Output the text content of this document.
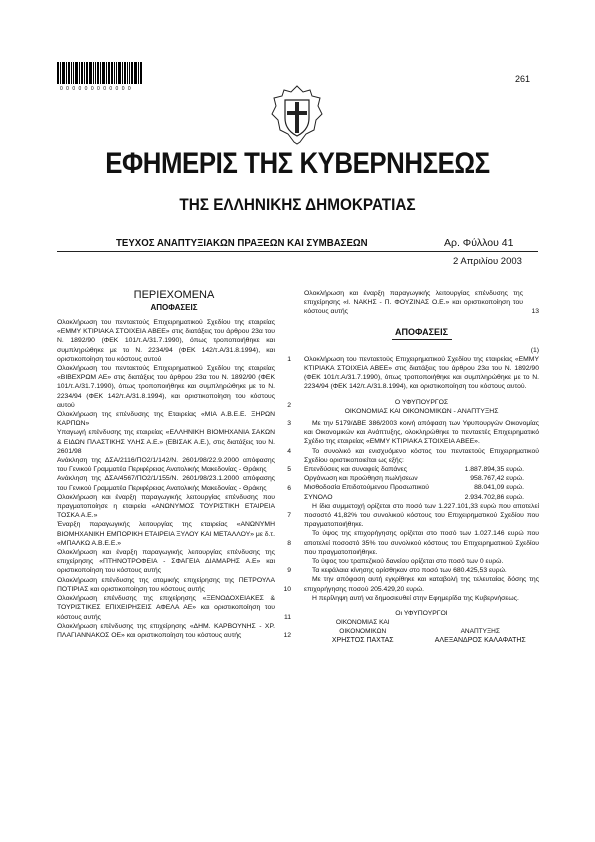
0 0 0 0 0 0 0 0 0 0 0 0
261
ΕΦΗΜΕΡΙΣ ΤΗΣ ΚΥΒΕΡΝΗΣΕΩΣ
ΤΗΣ ΕΛΛΗΝΙΚΗΣ ΔΗΜΟΚΡΑΤΙΑΣ
ΤΕΥΧΟΣ ΑΝΑΠΤΥΞΙΑΚΩΝ ΠΡΑΞΕΩΝ ΚΑΙ ΣΥΜΒΑΣΕΩΝ	Αρ. Φύλλου 41
2 Απριλίου 2003
ΠΕΡΙΕΧΟΜΕΝΑ
ΑΠΟΦΑΣΕΙΣ
Ολοκλήρωση του πενταετούς Επιχειρηματικού Σχεδίου της εταιρείας «ΕΜΜΥ ΚΤΙΡΙΑΚΑ ΣΤΟΙΧΕΙΑ ΑΒΕΕ» στις διατάξεις του άρθρου 23α του Ν. 1892/90 (ΦΕΚ 101/τ.Α/31.7.1990), όπως τροποποιήθηκε και συμπληρώθηκε με το Ν. 2234/94 (ΦΕΚ 142/τ.Α/31.8.1994), και οριστικοποίηση του κόστους αυτού	1
Ολοκλήρωση του πενταετούς Επιχειρηματικού Σχεδίου της εταιρείας «ΒΙΒΕΧΡΩΜ ΑΕ» στις διατάξεις του άρθρου 23α του Ν. 1892/90 (ΦΕΚ 101/τ.Α/31.7.1990), όπως τροποποιήθηκε και συμπληρώθηκε με το Ν. 2234/94 (ΦΕΚ 142/τ.Α/31.8.1994), και οριστικοποίηση του κόστους αυτού	2
Ολοκλήρωση της επένδυσης της Εταιρείας «ΜΙΑ Α.Β.Ε.Ε. ΞΗΡΩΝ ΚΑΡΠΩΝ»	3
Υπαγωγή επένδυσης της εταιρείας «ΕΛΛΗΝΙΚΗ ΒΙΟΜΗΧΑΝΙΑ ΣΑΚΩΝ & ΕΙΔΩΝ ΠΛΑΣΤΙΚΗΣ ΥΛΗΣ Α.Ε.» (ΕΒΙΣΑΚ Α.Ε.), στις διατάξεις του Ν. 2601/98	4
Ανάκληση της ΔΣΑ/2116/ΠΟ2/1/142/Ν. 2601/98/22.9.2000 απόφασης του Γενικού Γραμματέα Περιφέρειας Ανατολικής Μακεδονίας - Θράκης	5
Ανάκληση της ΔΣΑ/4567/ΠΟ2/1/155/Ν. 2601/98/23.1.2000 απόφασης του Γενικού Γραμματέα Περιφέρειας Ανατολικής Μακεδονίας - Θράκης	6
Ολοκλήρωση και έναρξη παραγωγικής λειτουργίας επένδυσης που πραγματοποίησε η εταιρεία «ΑΝΩΝΥΜΟΣ ΤΟΥΡΙΣΤΙΚΗ ΕΤΑΙΡΕΙΑ ΤΟΣΚΑ Α.Ε.»	7
Έναρξη παραγωγικής λειτουργίας της εταιρείας «ΑΝΩΝΥΜΗ ΒΙΟΜΗΧΑΝΙΚΗ ΕΜΠΟΡΙΚΗ ΕΤΑΙΡΕΙΑ ΞΥΛΟΥ ΚΑΙ ΜΕΤΑΛΛΟΥ» με δ.τ. «ΜΠΑΛΚΩ Α.Β.Ε.Ε.»	8
Ολοκλήρωση και έναρξη παραγωγικής λειτουργίας επένδυσης της επιχείρησης «ΠΤΗΝΟΤΡΟΦΕΙΑ - ΣΦΑΓΕΙΑ ΔΙΑΜΑΡΗΣ Α.Ε» και οριστικοποίηση του κόστους αυτής	9
Ολοκλήρωση επένδυσης της ατομικής επιχείρησης της ΠΕΤΡΟΥΛΑ ΠΟΤΙΡΙΑΣ και οριστικοποίηση του κόστους αυτής	10
Ολοκλήρωση επένδυσης της επιχείρησης «ΞΕΝΟΔΟΧΕΙΑΚΕΣ & ΤΟΥΡΙΣΤΙΚΕΣ ΕΠΙΧΕΙΡΗΣΕΙΣ ΑΦΕΛΑ ΑΕ» και οριστικοποίηση του κόστους αυτής	11
Ολοκλήρωση επένδυσης της επιχείρησης «ΔΗΜ. ΚΑΡΒΟΥΝΗΣ - ΧΡ. ΠΛΑΓΙΑΝΝΑΚΟΣ ΟΕ» και οριστικοποίηση του κόστους αυτής	12
Ολοκλήρωση και έναρξη παραγωγικής λειτουργίας επένδυσης της επιχείρησης «Ι. ΝΑΚΗΣ - Π. ΦΟΥΖΙΝΑΣ Ο.Ε.» και οριστικοποίηση του κόστους αυτής	13
ΑΠΟΦΑΣΕΙΣ
(1)
Ολοκλήρωση του πενταετούς Επιχειρηματικού Σχεδίου της εταιρείας «ΕΜΜΥ ΚΤΙΡΙΑΚΑ ΣΤΟΙΧΕΙΑ ΑΒΕΕ» στις διατάξεις του άρθρου 23α του Ν. 1892/90 (ΦΕΚ 101/τ.Α/31.7.1990), όπως τροποποιήθηκε και συμπληρώθηκε με το Ν. 2234/94 (ΦΕΚ 142/τ.Α/31.8.1994), και οριστικοποίηση του κόστους αυτού.
Ο ΥΦΥΠΟΥΡΓΟΣ
ΟΙΚΟΝΟΜΙΑΣ ΚΑΙ ΟΙΚΟΝΟΜΙΚΩΝ - ΑΝΑΠΤΥΞΗΣ
Με την 5179/ΔΒΕ 386/2003 κοινή απόφαση των Υφυπουργών Οικονομίας και Οικονομικών και Ανάπτυξης, ολοκληρώθηκε το πενταετές Επιχειρηματικό Σχέδιο της εταιρείας «ΕΜΜΥ ΚΤΙΡΙΑΚΑ ΣΤΟΙΧΕΙΑ ΑΒΕΕ».
Το συνολικό και ενισχυόμενο κόστος του πενταετούς Επιχειρηματικού Σχεδίου οριστικοποιείται ως εξής:
Επενδύσεις και συναφείς δαπάνες	1.887.894,35 ευρώ.
Οργάνωση και προώθηση πωλήσεων	958.767,42 ευρώ.
Μισθοδοσία Επιδοτούμενου Προσωπικού	88.041,09 ευρώ.
ΣΥΝΟΛΟ	2.934.702,86 ευρώ.
Η ίδια συμμετοχή ορίζεται στο ποσό των 1.227.101,33 ευρώ που αποτελεί ποσοστό 41,82% του συνολικού κόστους του Επιχειρηματικού Σχεδίου που πραγματοποιήθηκε.
Το ύψος της επιχορήγησης ορίζεται στο ποσό των 1.027.146 ευρώ που αποτελεί ποσοστό 35% του συνολικού κόστους του Επιχειρηματικού Σχεδίου που πραγματοποιήθηκε.
Το ύψος του τραπεζικού δανείου ορίζεται στο ποσό των 0 ευρώ.
Τα κεφάλαια κίνησης ορίσθηκαν στο ποσό των 680.425,53 ευρώ.
Με την απόφαση αυτή εγκρίθηκε και καταβολή της τελευταίας δόσης της επιχορήγησης ποσού 205.429,20 ευρώ.
Η περίληψη αυτή να δημοσιευθεί στην Εφημερίδα της Κυβερνήσεως.
Οι ΥΦΥΠΟΥΡΓΟΙ
ΟΙΚΟΝΟΜΙΑΣ ΚΑΙ
ΟΙΚΟΝΟΜΙΚΩΝ	ΑΝΑΠΤΥΞΗΣ
ΧΡΗΣΤΟΣ ΠΑΧΤΑΣ	ΑΛΕΞΑΝΔΡΟΣ ΚΑΛΑΦΑΤΗΣ
